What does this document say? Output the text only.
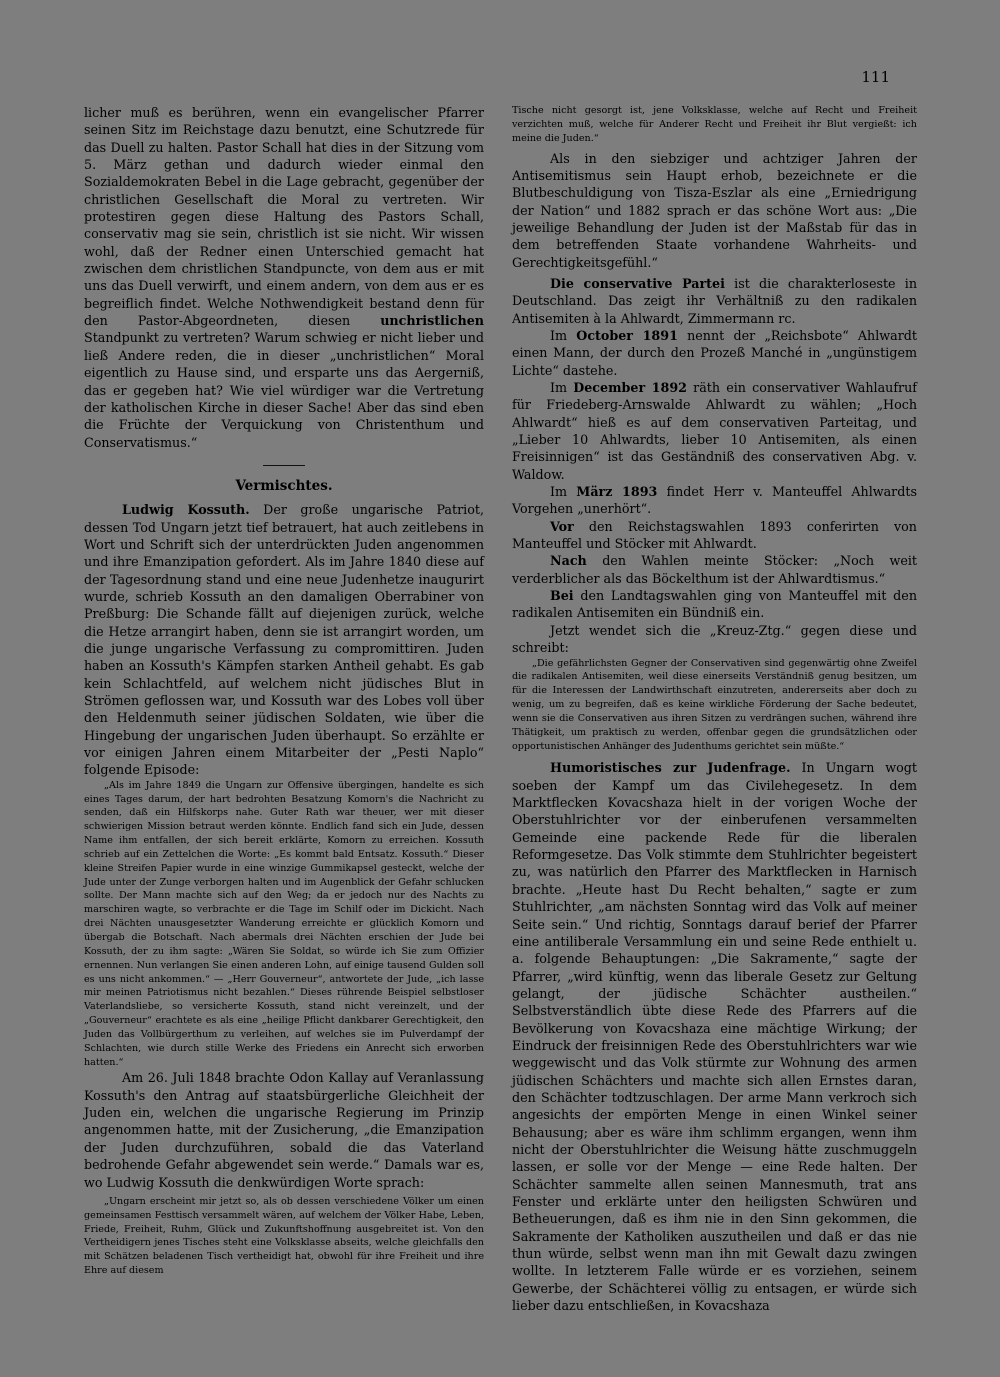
111

licher muß es berühren, wenn ein evangelischer Pfarrer seinen Sitz im Reichstage dazu benutzt, eine Schutzrede für das Duell zu halten. Pastor Schall hat dies in der Sitzung vom 5. März gethan und dadurch wieder einmal den Sozialdemokraten Bebel in die Lage gebracht, gegenüber der christlichen Gesellschaft die Moral zu vertreten. Wir protestiren gegen diese Haltung des Pastors Schall, conservativ mag sie sein, christlich ist sie nicht. Wir wissen wohl, daß der Redner einen Unterschied gemacht hat zwischen dem christlichen Standpuncte, von dem aus er mit uns das Duell verwirft, und einem andern, von dem aus er es begreiflich findet. Welche Nothwendigkeit bestand denn für den Pastor-Abgeordneten, diesen unchristlichen Standpunkt zu vertreten? Warum schwieg er nicht lieber und ließ Andere reden, die in dieser „unchristlichen“ Moral eigentlich zu Hause sind, und ersparte uns das Aergerniß, das er gegeben hat? Wie viel würdiger war die Vertretung der katholischen Kirche in dieser Sache! Aber das sind eben die Früchte der Verquickung von Christenthum und Conservatismus.“

Vermischtes.

Ludwig Kossuth. Der große ungarische Patriot, dessen Tod Ungarn jetzt tief betrauert, hat auch zeitlebens in Wort und Schrift sich der unterdrückten Juden angenommen und ihre Emanzipation gefordert. Als im Jahre 1840 diese auf der Tagesordnung stand und eine neue Judenhetze inaugurirt wurde, schrieb Kossuth an den damaligen Oberrabiner von Preßburg: Die Schande fällt auf diejenigen zurück, welche die Hetze arrangirt haben, denn sie ist arrangirt worden, um die junge ungarische Verfassung zu compromittiren. Juden haben an Kossuth's Kämpfen starken Antheil gehabt. Es gab kein Schlachtfeld, auf welchem nicht jüdisches Blut in Strömen geflossen war, und Kossuth war des Lobes voll über den Heldenmuth seiner jüdischen Soldaten, wie über die Hingebung der ungarischen Juden überhaupt. So erzählte er vor einigen Jahren einem Mitarbeiter der „Pesti Naplo“ folgende Episode:

„Als im Jahre 1849 die Ungarn zur Offensive übergingen, handelte es sich eines Tages darum, der hart bedrohten Besatzung Komorn's die Nachricht zu senden, daß ein Hilfskorps nahe. Guter Rath war theuer, wer mit dieser schwierigen Mission betraut werden könnte. Endlich fand sich ein Jude, dessen Name ihm entfallen, der sich bereit erklärte, Komorn zu erreichen. Kossuth schrieb auf ein Zettelchen die Worte: „Es kommt bald Entsatz. Kossuth.“ Dieser kleine Streifen Papier wurde in eine winzige Gummikapsel gesteckt, welche der Jude unter der Zunge verborgen halten und im Augenblick der Gefahr schlucken sollte. Der Mann machte sich auf den Weg; da er jedoch nur des Nachts zu marschiren wagte, so verbrachte er die Tage im Schilf oder im Dickicht. Nach drei Nächten unausgesetzter Wanderung erreichte er glücklich Komorn und übergab die Botschaft. Nach abermals drei Nächten erschien der Jude bei Kossuth, der zu ihm sagte: „Wären Sie Soldat, so würde ich Sie zum Offizier ernennen. Nun verlangen Sie einen anderen Lohn, auf einige tausend Gulden soll es uns nicht ankommen.“ — „Herr Gouverneur“, antwortete der Jude, „ich lasse mir meinen Patriotismus nicht bezahlen.“ Dieses rührende Beispiel selbstloser Vaterlandsliebe, so versicherte Kossuth, stand nicht vereinzelt, und der „Gouverneur“ erachtete es als eine „heilige Pflicht dankbarer Gerechtigkeit, den Juden das Vollbürgerthum zu verleihen, auf welches sie im Pulverdampf der Schlachten, wie durch stille Werke des Friedens ein Anrecht sich erworben hatten.“

Am 26. Juli 1848 brachte Odon Kallay auf Veranlassung Kossuth's den Antrag auf staatsbürgerliche Gleichheit der Juden ein, welchen die ungarische Regierung im Prinzip angenommen hatte, mit der Zusicherung, „die Emanzipation der Juden durchzuführen, sobald die das Vaterland bedrohende Gefahr abgewendet sein werde.“ Damals war es, wo Ludwig Kossuth die denkwürdigen Worte sprach:

„Ungarn erscheint mir jetzt so, als ob dessen verschiedene Völker um einen gemeinsamen Festtisch versammelt wären, auf welchem der Völker Habe, Leben, Friede, Freiheit, Ruhm, Glück und Zukunftshoffnung ausgebreitet ist. Von den Vertheidigern jenes Tisches steht eine Volksklasse abseits, welche gleichfalls den mit Schätzen beladenen Tisch vertheidigt hat, obwohl für ihre Freiheit und ihre Ehre auf diesem

Tische nicht gesorgt ist, jene Volksklasse, welche auf Recht und Freiheit verzichten muß, welche für Anderer Recht und Freiheit ihr Blut vergießt: ich meine die Juden.“

Als in den siebziger und achtziger Jahren der Antisemitismus sein Haupt erhob, bezeichnete er die Blutbeschuldigung von Tisza-Eszlar als eine „Erniedrigung der Nation“ und 1882 sprach er das schöne Wort aus: „Die jeweilige Behandlung der Juden ist der Maßstab für das in dem betreffenden Staate vorhandene Wahrheits- und Gerechtigkeitsgefühl.“

Die conservative Partei ist die charakterloseste in Deutschland. Das zeigt ihr Verhältniß zu den radikalen Antisemiten à la Ahlwardt, Zimmermann rc.

Im October 1891 nennt der „Reichsbote“ Ahlwardt einen Mann, der durch den Prozeß Manché in „ungünstigem Lichte“ dastehe.

Im December 1892 räth ein conservativer Wahlaufruf für Friedeberg-Arnswalde Ahlwardt zu wählen; „Hoch Ahlwardt“ hieß es auf dem conservativen Parteitag, und „Lieber 10 Ahlwardts, lieber 10 Antisemiten, als einen Freisinnigen“ ist das Geständniß des conservativen Abg. v. Waldow.

Im März 1893 findet Herr v. Manteuffel Ahlwardts Vorgehen „unerhört“.

Vor den Reichstagswahlen 1893 conferirten von Manteuffel und Stöcker mit Ahlwardt.

Nach den Wahlen meinte Stöcker: „Noch weit verderblicher als das Böckelthum ist der Ahlwardtismus.“

Bei den Landtagswahlen ging von Manteuffel mit den radikalen Antisemiten ein Bündniß ein.

Jetzt wendet sich die „Kreuz-Ztg.“ gegen diese und schreibt:

„Die gefährlichsten Gegner der Conservativen sind gegenwärtig ohne Zweifel die radikalen Antisemiten, weil diese einerseits Verständniß genug besitzen, um für die Interessen der Landwirthschaft einzutreten, andererseits aber doch zu wenig, um zu begreifen, daß es keine wirkliche Förderung der Sache bedeutet, wenn sie die Conservativen aus ihren Sitzen zu verdrängen suchen, während ihre Thätigkeit, um praktisch zu werden, offenbar gegen die grundsätzlichen oder opportunistischen Anhänger des Judenthums gerichtet sein müßte.“

Humoristisches zur Judenfrage. In Ungarn wogt soeben der Kampf um das Civilehegesetz. In dem Marktflecken Kovacshaza hielt in der vorigen Woche der Oberstuhlrichter vor der einberufenen versammelten Gemeinde eine packende Rede für die liberalen Reformgesetze. Das Volk stimmte dem Stuhlrichter begeistert zu, was natürlich den Pfarrer des Marktflecken in Harnisch brachte. „Heute hast Du Recht behalten,“ sagte er zum Stuhlrichter, „am nächsten Sonntag wird das Volk auf meiner Seite sein.“ Und richtig, Sonntags darauf berief der Pfarrer eine antiliberale Versammlung ein und seine Rede enthielt u. a. folgende Behauptungen: „Die Sakramente,“ sagte der Pfarrer, „wird künftig, wenn das liberale Gesetz zur Geltung gelangt, der jüdische Schächter austheilen.“ Selbstverständlich übte diese Rede des Pfarrers auf die Bevölkerung von Kovacshaza eine mächtige Wirkung; der Eindruck der freisinnigen Rede des Oberstuhlrichters war wie weggewischt und das Volk stürmte zur Wohnung des armen jüdischen Schächters und machte sich allen Ernstes daran, den Schächter todtzuschlagen. Der arme Mann verkroch sich angesichts der empörten Menge in einen Winkel seiner Behausung; aber es wäre ihm schlimm ergangen, wenn ihm nicht der Oberstuhlrichter die Weisung hätte zuschmuggeln lassen, er solle vor der Menge — eine Rede halten. Der Schächter sammelte allen seinen Mannesmuth, trat ans Fenster und erklärte unter den heiligsten Schwüren und Betheuerungen, daß es ihm nie in den Sinn gekommen, die Sakramente der Katholiken auszutheilen und daß er das nie thun würde, selbst wenn man ihn mit Gewalt dazu zwingen wollte. In letzterem Falle würde er es vorziehen, seinem Gewerbe, der Schächterei völlig zu entsagen, er würde sich lieber dazu entschließen, in Kovacshaza
